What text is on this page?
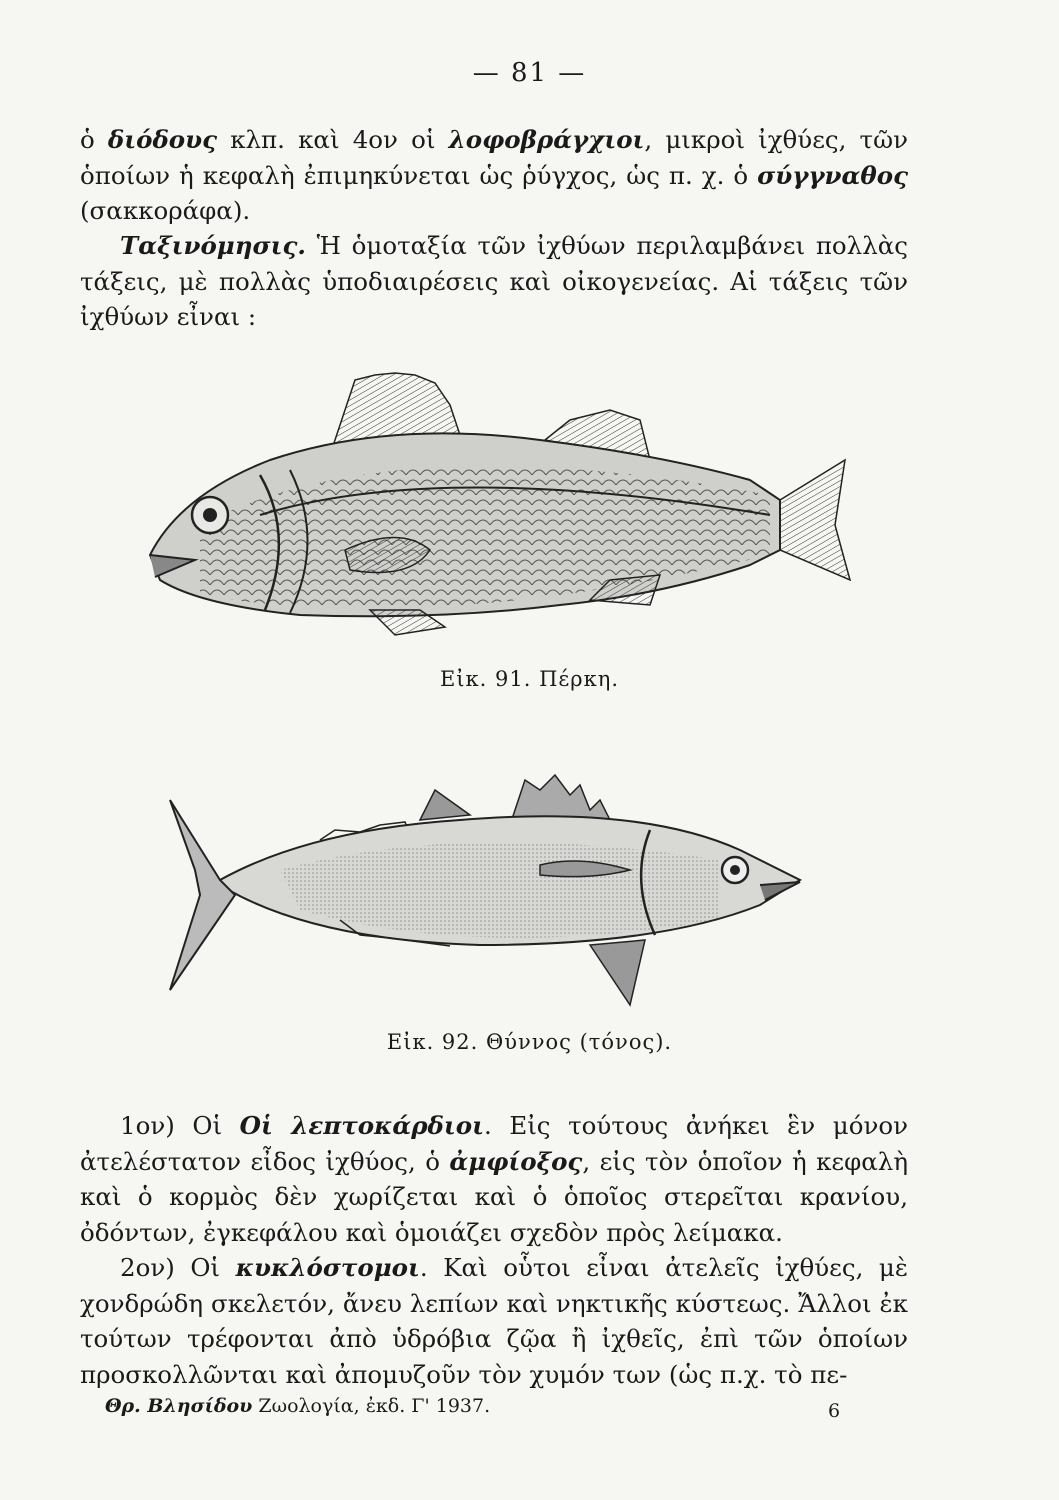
— 81 —
ὁ διόδους κλπ. καὶ 4ον οἱ λοφοβράγχιοι, μικροὶ ἰχθύες, τῶν ὁποίων ἡ κεφαλὴ ἐπιμηκύνεται ὡς ῥύγχος, ὡς π. χ. ὁ σύγγναθος (σακκοράφα).
Ταξινόμησις. Ἡ ὁμοταξία τῶν ἰχθύων περιλαμβάνει πολλὰς τάξεις, μὲ πολλὰς ὑποδιαιρέσεις καὶ οἰκογενείας. Αἱ τάξεις τῶν ἰχθύων εἶναι :
Εἰκ. 91. Πέρκη.
Εἰκ. 92. Θύννος (τόνος).
1ον) Οἱ Οἱ λεπτοκάρδιοι. Εἰς τούτους ἀνήκει ἓν μόνον ἀτελέστατον εἶδος ἰχθύος, ὁ ἀμφίοξος, εἰς τὸν ὁποῖον ἡ κεφαλὴ καὶ ὁ κορμὸς δὲν χωρίζεται καὶ ὁ ὁποῖος στερεῖται κρανίου, ὀδόντων, ἐγκεφάλου καὶ ὁμοιάζει σχεδὸν πρὸς λείμακα.
2ον) Οἱ κυκλόστομοι. Καὶ οὗτοι εἶναι ἀτελεῖς ἰχθύες, μὲ χονδρώδη σκελετόν, ἄνευ λεπίων καὶ νηκτικῆς κύστεως. Ἄλλοι ἐκ τούτων τρέφονται ἀπὸ ὑδρόβια ζῷα ἢ ἰχθεῖς, ἐπὶ τῶν ὁποίων προσκολλῶνται καὶ ἀπομυζοῦν τὸν χυμόν των (ὡς π.χ. τὸ πε-
Θρ. Βλησίδου Ζωολογία, ἐκδ. Γ' 1937.	6
